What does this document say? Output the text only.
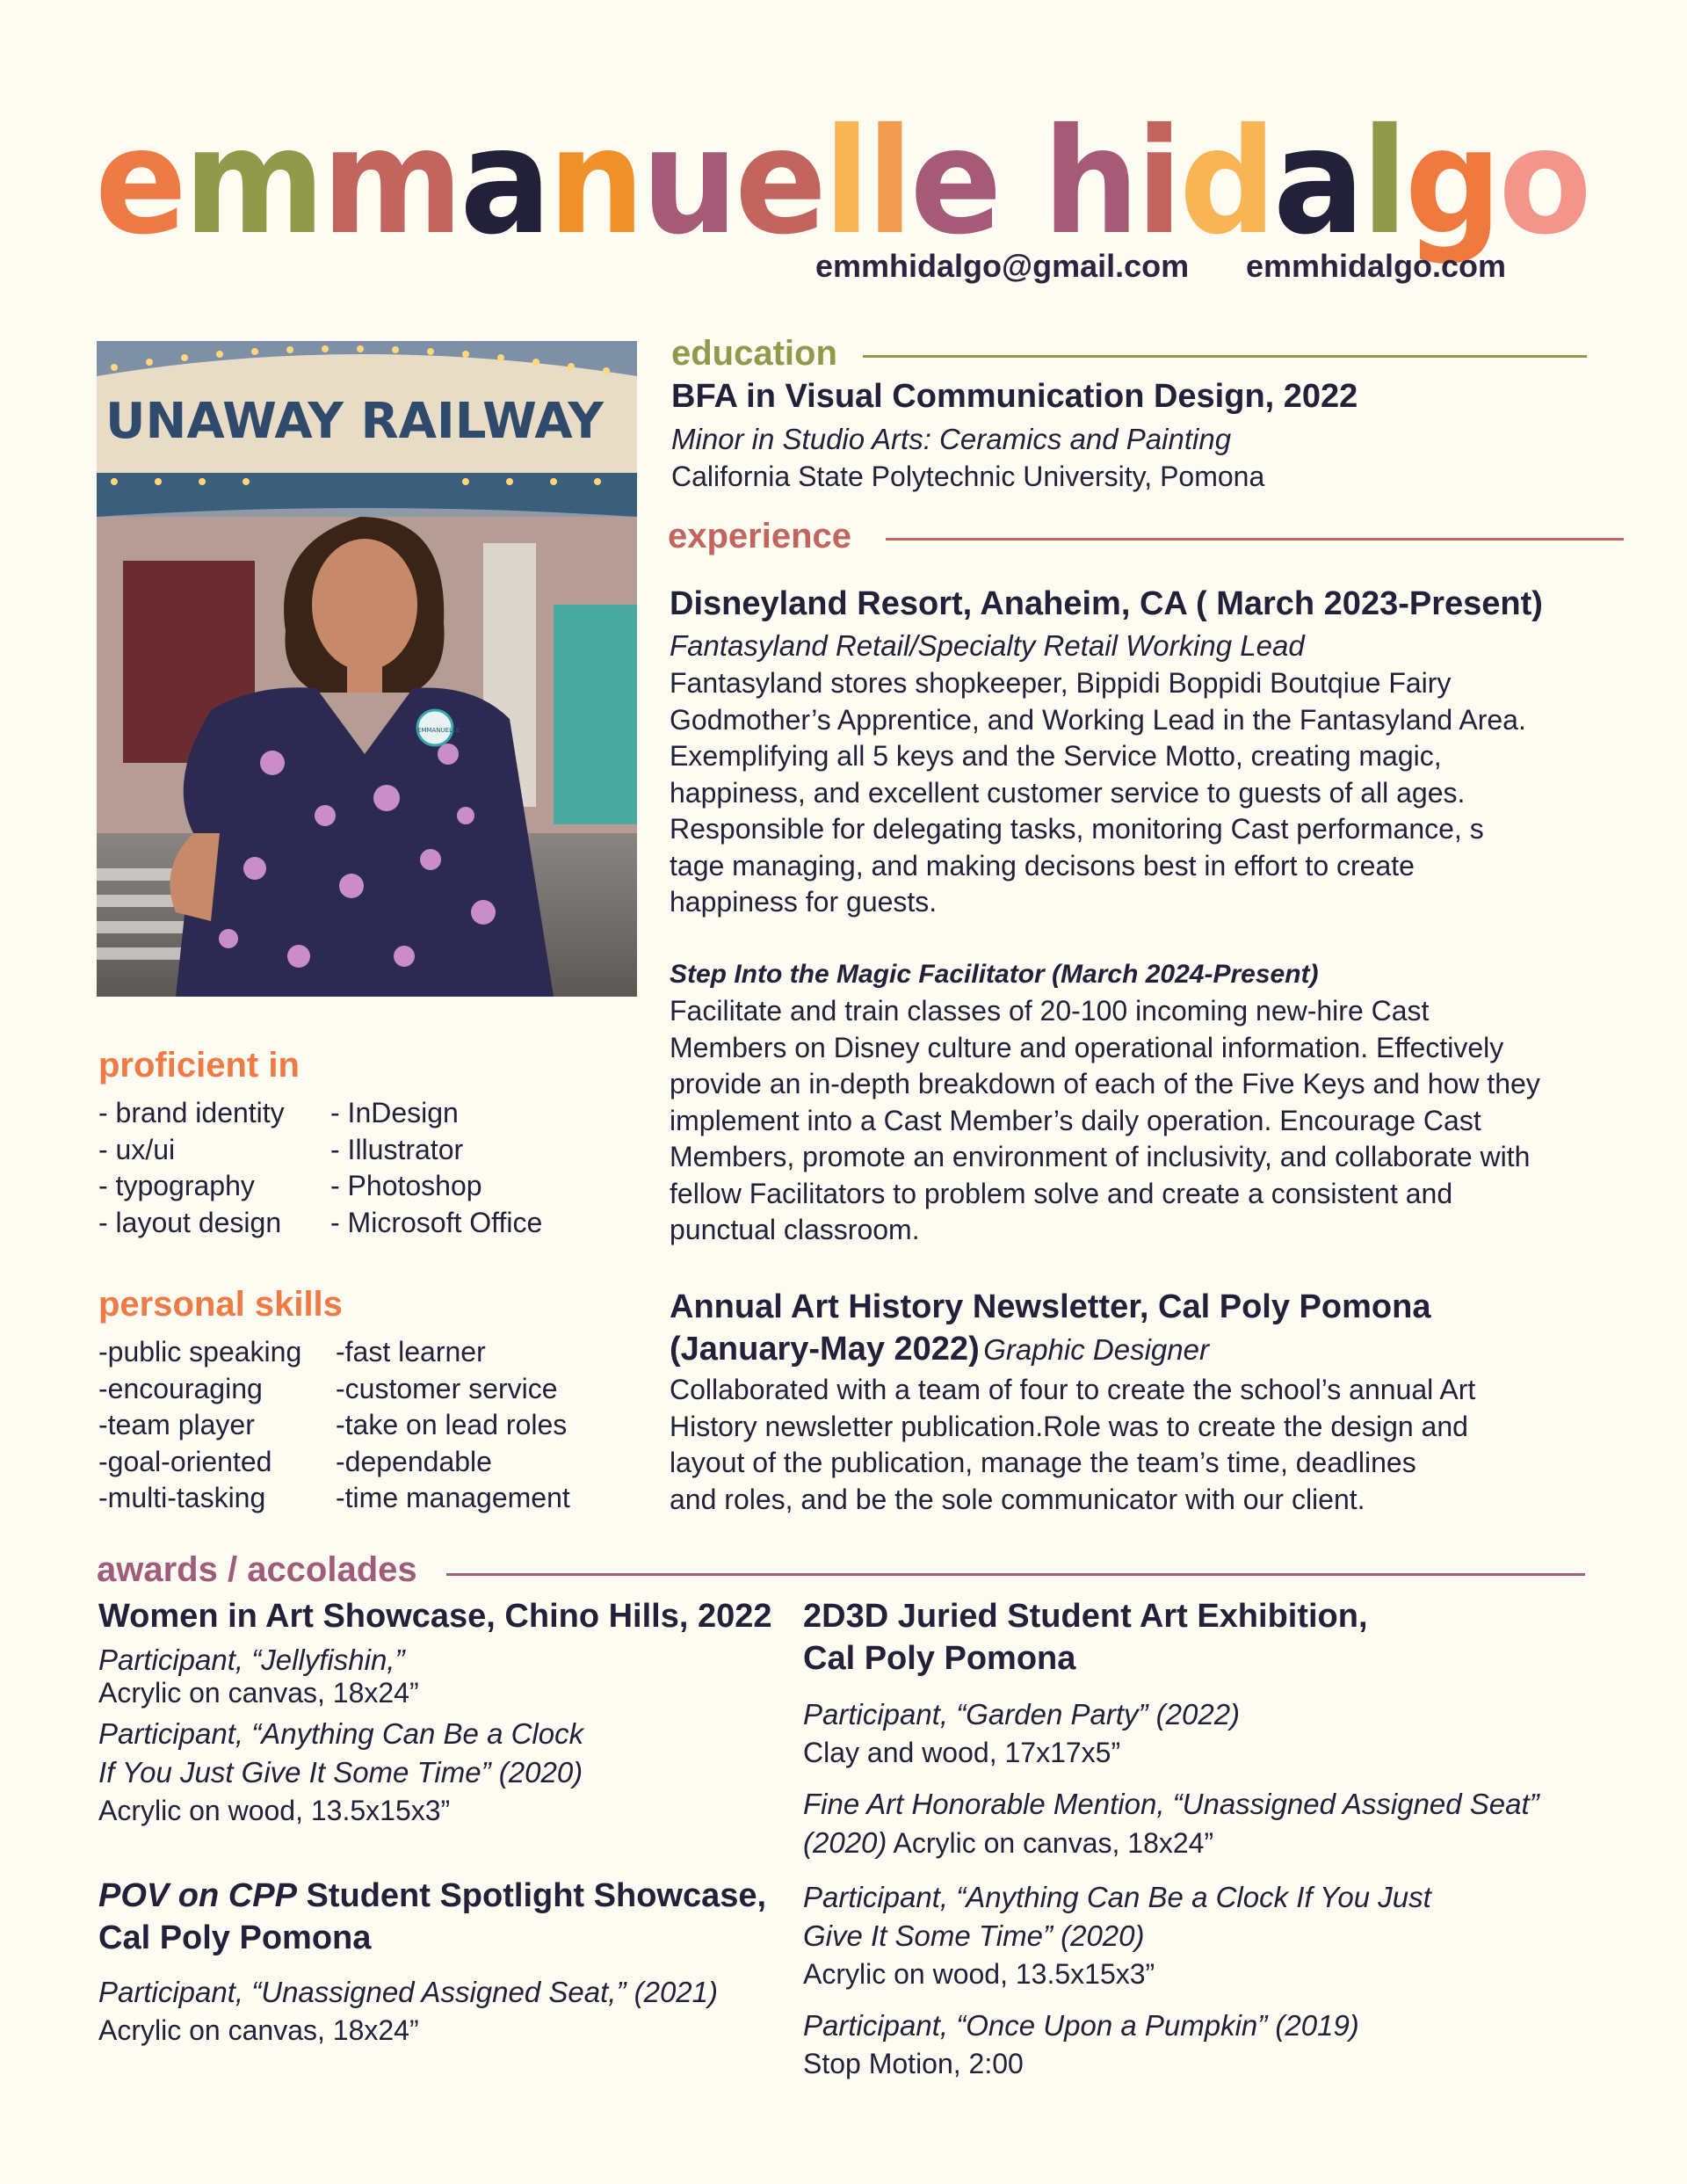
emmanuelle hidalgo
emmhidalgo@gmail.com emmhidalgo.com
UNAWAY RAILWAY
EMMANUELLE
education
BFA in Visual Communication Design, 2022
Minor in Studio Arts: Ceramics and Painting
California State Polytechnic University, Pomona
experience
Disneyland Resort, Anaheim, CA ( March 2023-Present)
Fantasyland Retail/Specialty Retail Working Lead
Fantasyland stores shopkeeper, Bippidi Boppidi Boutqiue Fairy
Godmother’s Apprentice, and Working Lead in the Fantasyland Area.
Exemplifying all 5 keys and the Service Motto, creating magic,
happiness, and excellent customer service to guests of all ages.
Responsible for delegating tasks, monitoring Cast performance, s
tage managing, and making decisons best in effort to create
happiness for guests.
Step Into the Magic Facilitator (March 2024-Present)
Facilitate and train classes of 20-100 incoming new-hire Cast
Members on Disney culture and operational information. Effectively
provide an in-depth breakdown of each of the Five Keys and how they
implement into a Cast Member’s daily operation. Encourage Cast
Members, promote an environment of inclusivity, and collaborate with
fellow Facilitators to problem solve and create a consistent and
punctual classroom.
Annual Art History Newsletter, Cal Poly Pomona
(January-May 2022) Graphic Designer
Collaborated with a team of four to create the school’s annual Art
History newsletter publication.Role was to create the design and
layout of the publication, manage the team’s time, deadlines
and roles, and be the sole communicator with our client.
proficient in
- brand identity
- ux/ui
- typography
- layout design
- InDesign
- Illustrator
- Photoshop
- Microsoft Office
personal skills
-public speaking
-encouraging
-team player
-goal-oriented
-multi-tasking
-fast learner
-customer service
-take on lead roles
-dependable
-time management
awards / accolades
Women in Art Showcase, Chino Hills, 2022
Participant, “Jellyfishin,”
Acrylic on canvas, 18x24”
Participant, “Anything Can Be a Clock
If You Just Give It Some Time” (2020)
Acrylic on wood, 13.5x15x3”
POV on CPP Student Spotlight Showcase,
Cal Poly Pomona
Participant, “Unassigned Assigned Seat,” (2021)
Acrylic on canvas, 18x24”
2D3D Juried Student Art Exhibition,
Cal Poly Pomona
Participant, “Garden Party” (2022)
Clay and wood, 17x17x5”
Fine Art Honorable Mention, “Unassigned Assigned Seat”
(2020) Acrylic on canvas, 18x24”
Participant, “Anything Can Be a Clock If You Just
Give It Some Time” (2020)
Acrylic on wood, 13.5x15x3”
Participant, “Once Upon a Pumpkin” (2019)
Stop Motion, 2:00
